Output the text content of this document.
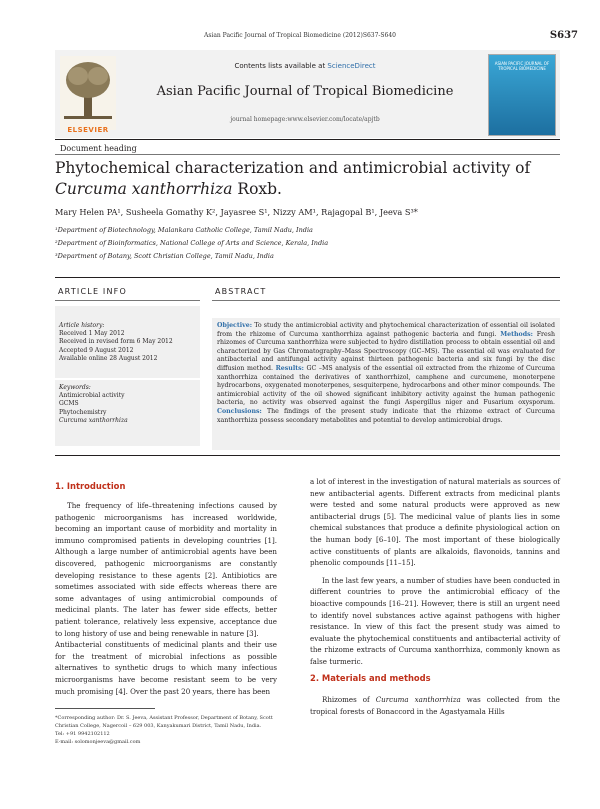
Asian Pacific Journal of Tropical Biomedicine (2012)S637-S640	S637
ELSEVIER
Contents lists available at ScienceDirect
Asian Pacific Journal of Tropical Biomedicine
journal homepage:www.elsevier.com/locate/apjtb
ASIAN PACIFIC JOURNAL OF TROPICAL BIOMEDICINE
Document heading
Phytochemical characterization and antimicrobial activity of Curcuma xanthorrhiza Roxb.
Mary Helen PA¹, Susheela Gomathy K², Jayasree S¹, Nizzy AM¹, Rajagopal B¹, Jeeva S³*
¹Department of Biotechnology, Malankara Catholic College, Tamil Nadu, India
²Department of Bioinformatics, National College of Arts and Science, Kerala, India
³Department of Botany, Scott Christian College, Tamil Nadu, India
ARTICLE INFO	ABSTRACT
Article history:
Received 1 May 2012
Received in revised form 6 May 2012
Accepted 9 August 2012
Available online 28 August 2012
Keywords:
Antimicrobial activity
GCMS
Phytochemistry
Curcuma xanthorrhiza
Objective: To study the antimicrobial activity and phytochemical characterization of essential oil isolated from the rhizome of Curcuma xanthorrhiza against pathogenic bacteria and fungi. Methods: Fresh rhizomes of Curcuma xanthorrhiza were subjected to hydro distillation process to obtain essential oil and characterized by Gas Chromatography–Mass Spectroscopy (GC–MS). The essential oil was evaluated for antibacterial and antifungal activity against thirteen pathogenic bacteria and six fungi by the disc diffusion method. Results: GC –MS analysis of the essential oil extracted from the rhizome of Curcuma xanthorrhiza contained the derivatives of xanthorrhizol, camphene and curcumene, monoterpene hydrocarbons, oxygenated monoterpenes, sesquiterpene, hydrocarbons and other minor compounds. The antimicrobial activity of the oil showed significant inhibitory activity against the human pathogenic bacteria, no activity was observed against the fungi Aspergillus niger and Fusarium oxysporum. Conclusions: The findings of the present study indicate that the rhizome extract of Curcuma xanthorrhiza possess secondary metabolites and potential to develop antimicrobial drugs.
1. Introduction

The frequency of life–threatening infections caused by pathogenic microorganisms has increased worldwide, becoming an important cause of morbidity and mortality in immuno compromised patients in developing countries [1]. Although a large number of antimicrobial agents have been discovered, pathogenic microorganisms are constantly developing resistance to these agents [2]. Antibiotics are sometimes associated with side effects whereas there are some advantages of using antimicrobial compounds of medicinal plants. The later has fewer side effects, better patient tolerance, relatively less expensive, acceptance due to long history of use and being renewable in nature [3].

Antibacterial constituents of medicinal plants and their use for the treatment of microbial infections as possible alternatives to synthetic drugs to which many infectious microorganisms have become resistant seem to be very much promising [4]. Over the past 20 years, there has been

a lot of interest in the investigation of natural materials as sources of new antibacterial agents. Different extracts from medicinal plants were tested and some natural products were approved as new antibacterial drugs [5]. The medicinal value of plants lies in some chemical substances that produce a definite physiological action on the human body [6–10]. The most important of these biologically active constituents of plants are alkaloids, flavonoids, tannins and phenolic compounds [11–15].

In the last few years, a number of studies have been conducted in different countries to prove the antimicrobial efficacy of the bioactive compounds [16–21]. However, there is still an urgent need to identify novel substances active against pathogens with higher resistance. In view of this fact the present study was aimed to evaluate the phytochemical constituents and antibacterial activity of the rhizome extracts of Curcuma xanthorrhiza, commonly known as false turmeric.

2. Materials and methods

Rhizomes of Curcuma xanthorrhiza was collected from the tropical forests of Bonaccord in the Agastyamala Hills

*Corresponding author: Dr. S. Jeeva, Assistant Professor, Department of Botany, Scott Christian College, Nagercoil – 629 003, Kanyakumari District, Tamil Nadu, India.
Tel: +91 9942102112
E-mail: solomonjeeva@gmail.com
